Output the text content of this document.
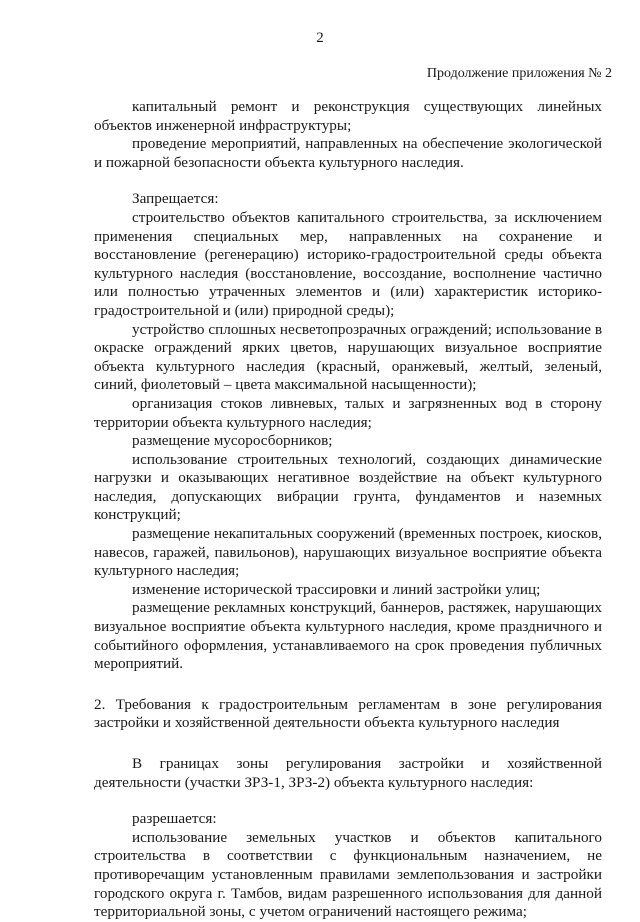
2
Продолжение приложения № 2

капитальный ремонт и реконструкция существующих линейных объектов инженерной инфраструктуры;

проведение мероприятий, направленных на обеспечение экологической и пожарной безопасности объекта культурного наследия.

Запрещается:

строительство объектов капитального строительства, за исключением применения специальных мер, направленных на сохранение и восстановление (регенерацию) историко-градостроительной среды объекта культурного наследия (восстановление, воссоздание, восполнение частично или полностью утраченных элементов и (или) характеристик историко-градостроительной и (или) природной среды);

устройство сплошных несветопрозрачных ограждений; использование в окраске ограждений ярких цветов, нарушающих визуальное восприятие объекта культурного наследия (красный, оранжевый, желтый, зеленый, синий, фиолетовый – цвета максимальной насыщенности);

организация стоков ливневых, талых и загрязненных вод в сторону территории объекта культурного наследия;

размещение мусоросборников;

использование строительных технологий, создающих динамические нагрузки и оказывающих негативное воздействие на объект культурного наследия, допускающих вибрации грунта, фундаментов и наземных конструкций;

размещение некапитальных сооружений (временных построек, киосков, навесов, гаражей, павильонов), нарушающих визуальное восприятие объекта культурного наследия;

изменение исторической трассировки и линий застройки улиц;

размещение рекламных конструкций, баннеров, растяжек, нарушающих визуальное восприятие объекта культурного наследия, кроме праздничного и событийного оформления, устанавливаемого на срок проведения публичных мероприятий.

2. Требования к градостроительным регламентам в зоне регулирования застройки и хозяйственной деятельности объекта культурного наследия

В границах зоны регулирования застройки и хозяйственной деятельности (участки ЗРЗ-1, ЗРЗ-2) объекта культурного наследия:

разрешается:

использование земельных участков и объектов капитального строительства в соответствии с функциональным назначением, не противоречащим установленным правилами землепользования и застройки городского округа г. Тамбов, видам разрешенного использования для данной территориальной зоны, с учетом ограничений настоящего режима;
